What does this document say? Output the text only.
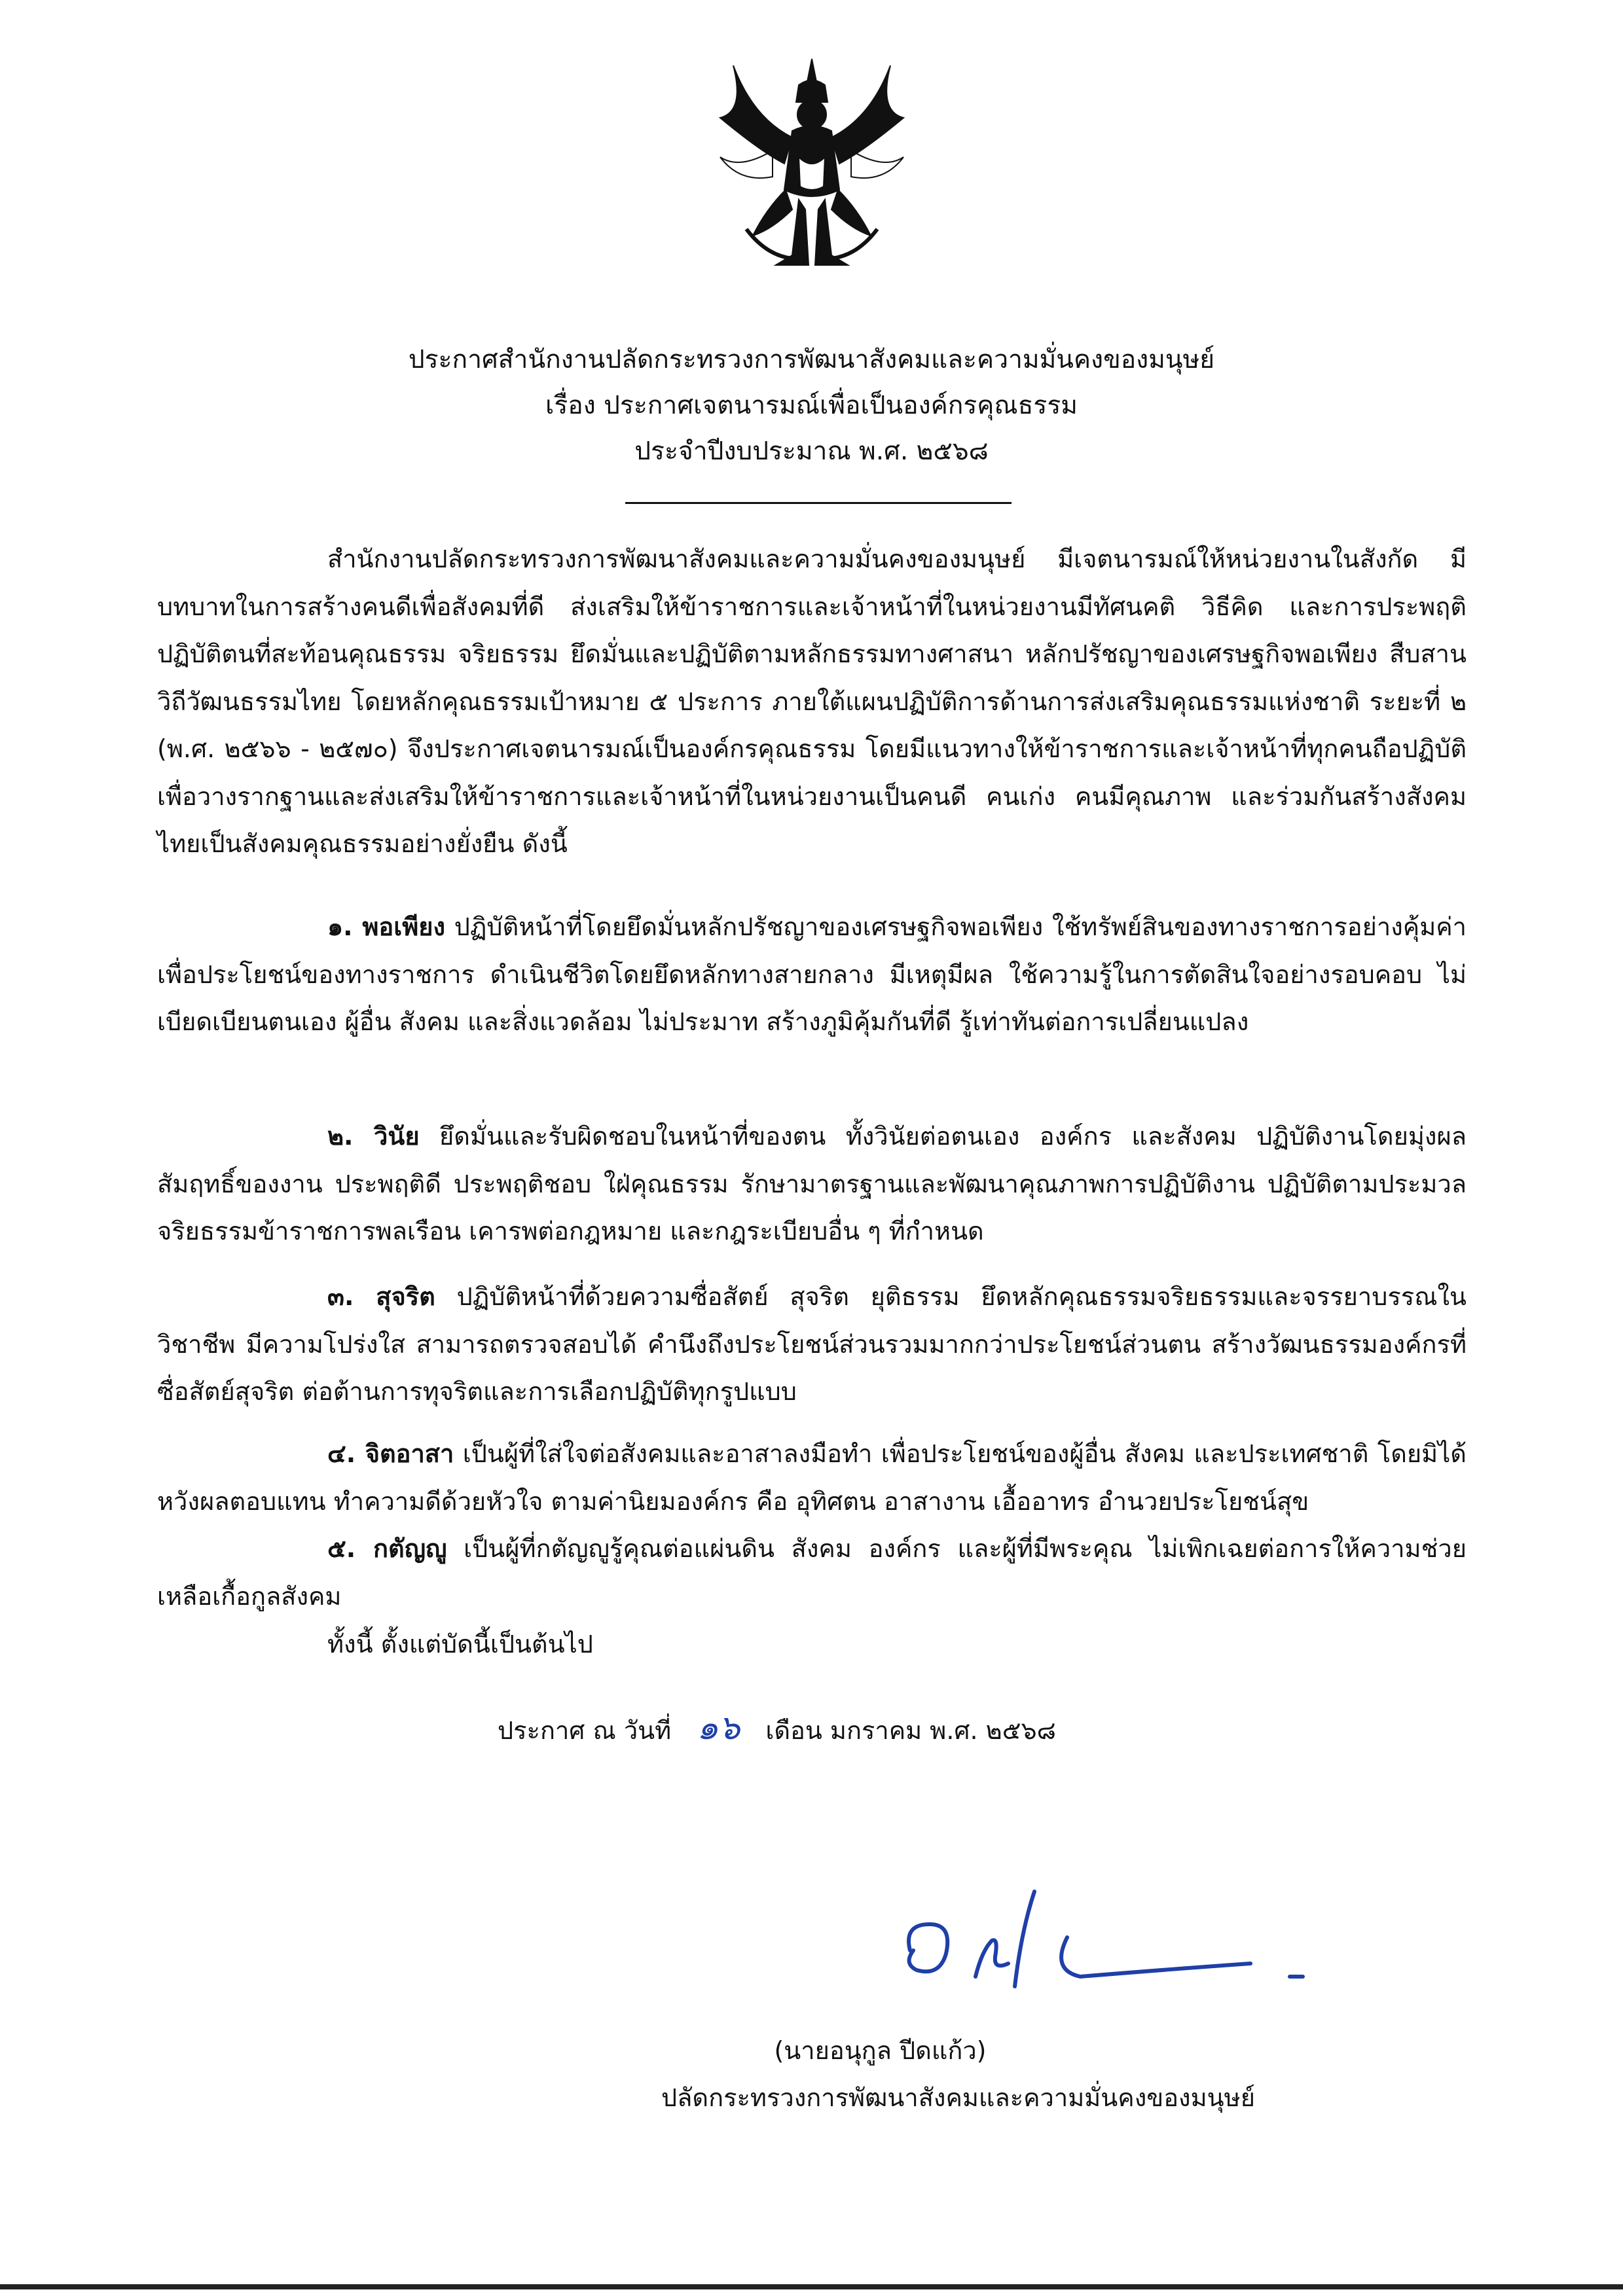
ประกาศสำนักงานปลัดกระทรวงการพัฒนาสังคมและความมั่นคงของมนุษย์
เรื่อง ประกาศเจตนารมณ์เพื่อเป็นองค์กรคุณธรรม
ประจำปีงบประมาณ พ.ศ. ๒๕๖๘

สำนักงานปลัดกระทรวงการพัฒนาสังคมและความมั่นคงของมนุษย์ มีเจตนารมณ์ให้หน่วยงานในสังกัด มีบทบาทในการสร้างคนดีเพื่อสังคมที่ดี ส่งเสริมให้ข้าราชการและเจ้าหน้าที่ในหน่วยงานมีทัศนคติ วิธีคิด และการประพฤติปฏิบัติตนที่สะท้อนคุณธรรม จริยธรรม ยึดมั่นและปฏิบัติตามหลักธรรมทางศาสนา หลักปรัชญาของเศรษฐกิจพอเพียง สืบสานวิถีวัฒนธรรมไทย โดยหลักคุณธรรมเป้าหมาย ๕ ประการ ภายใต้แผนปฏิบัติการด้านการส่งเสริมคุณธรรมแห่งชาติ ระยะที่ ๒ (พ.ศ. ๒๕๖๖ - ๒๕๗๐) จึงประกาศเจตนารมณ์เป็นองค์กรคุณธรรม โดยมีแนวทางให้ข้าราชการและเจ้าหน้าที่ทุกคนถือปฏิบัติ เพื่อวางรากฐานและส่งเสริมให้ข้าราชการและเจ้าหน้าที่ในหน่วยงานเป็นคนดี คนเก่ง คนมีคุณภาพ และร่วมกันสร้างสังคมไทยเป็นสังคมคุณธรรมอย่างยั่งยืน ดังนี้

๑. พอเพียง ปฏิบัติหน้าที่โดยยึดมั่นหลักปรัชญาของเศรษฐกิจพอเพียง ใช้ทรัพย์สินของทางราชการอย่างคุ้มค่า เพื่อประโยชน์ของทางราชการ ดำเนินชีวิตโดยยึดหลักทางสายกลาง มีเหตุมีผล ใช้ความรู้ในการตัดสินใจอย่างรอบคอบ ไม่เบียดเบียนตนเอง ผู้อื่น สังคม และสิ่งแวดล้อม ไม่ประมาท สร้างภูมิคุ้มกันที่ดี รู้เท่าทันต่อการเปลี่ยนแปลง

๒. วินัย ยึดมั่นและรับผิดชอบในหน้าที่ของตน ทั้งวินัยต่อตนเอง องค์กร และสังคม ปฏิบัติงานโดยมุ่งผลสัมฤทธิ์ของงาน ประพฤติดี ประพฤติชอบ ใฝ่คุณธรรม รักษามาตรฐานและพัฒนาคุณภาพการปฏิบัติงาน ปฏิบัติตามประมวลจริยธรรมข้าราชการพลเรือน เคารพต่อกฎหมาย และกฎระเบียบอื่น ๆ ที่กำหนด

๓. สุจริต ปฏิบัติหน้าที่ด้วยความซื่อสัตย์ สุจริต ยุติธรรม ยึดหลักคุณธรรมจริยธรรมและจรรยาบรรณในวิชาชีพ มีความโปร่งใส สามารถตรวจสอบได้ คำนึงถึงประโยชน์ส่วนรวมมากกว่าประโยชน์ส่วนตน สร้างวัฒนธรรมองค์กรที่ซื่อสัตย์สุจริต ต่อต้านการทุจริตและการเลือกปฏิบัติทุกรูปแบบ

๔. จิตอาสา เป็นผู้ที่ใส่ใจต่อสังคมและอาสาลงมือทำ เพื่อประโยชน์ของผู้อื่น สังคม และประเทศชาติ โดยมิได้หวังผลตอบแทน ทำความดีด้วยหัวใจ ตามค่านิยมองค์กร คือ อุทิศตน อาสางาน เอื้ออาทร อำนวยประโยชน์สุข

๕. กตัญญู เป็นผู้ที่กตัญญูรู้คุณต่อแผ่นดิน สังคม องค์กร และผู้ที่มีพระคุณ ไม่เพิกเฉยต่อการให้ความช่วยเหลือเกื้อกูลสังคม

ทั้งนี้ ตั้งแต่บัดนี้เป็นต้นไป

ประกาศ ณ วันที่ ๑๖ เดือน มกราคม พ.ศ. ๒๕๖๘
(นายอนุกูล ปีดแก้ว)
ปลัดกระทรวงการพัฒนาสังคมและความมั่นคงของมนุษย์
